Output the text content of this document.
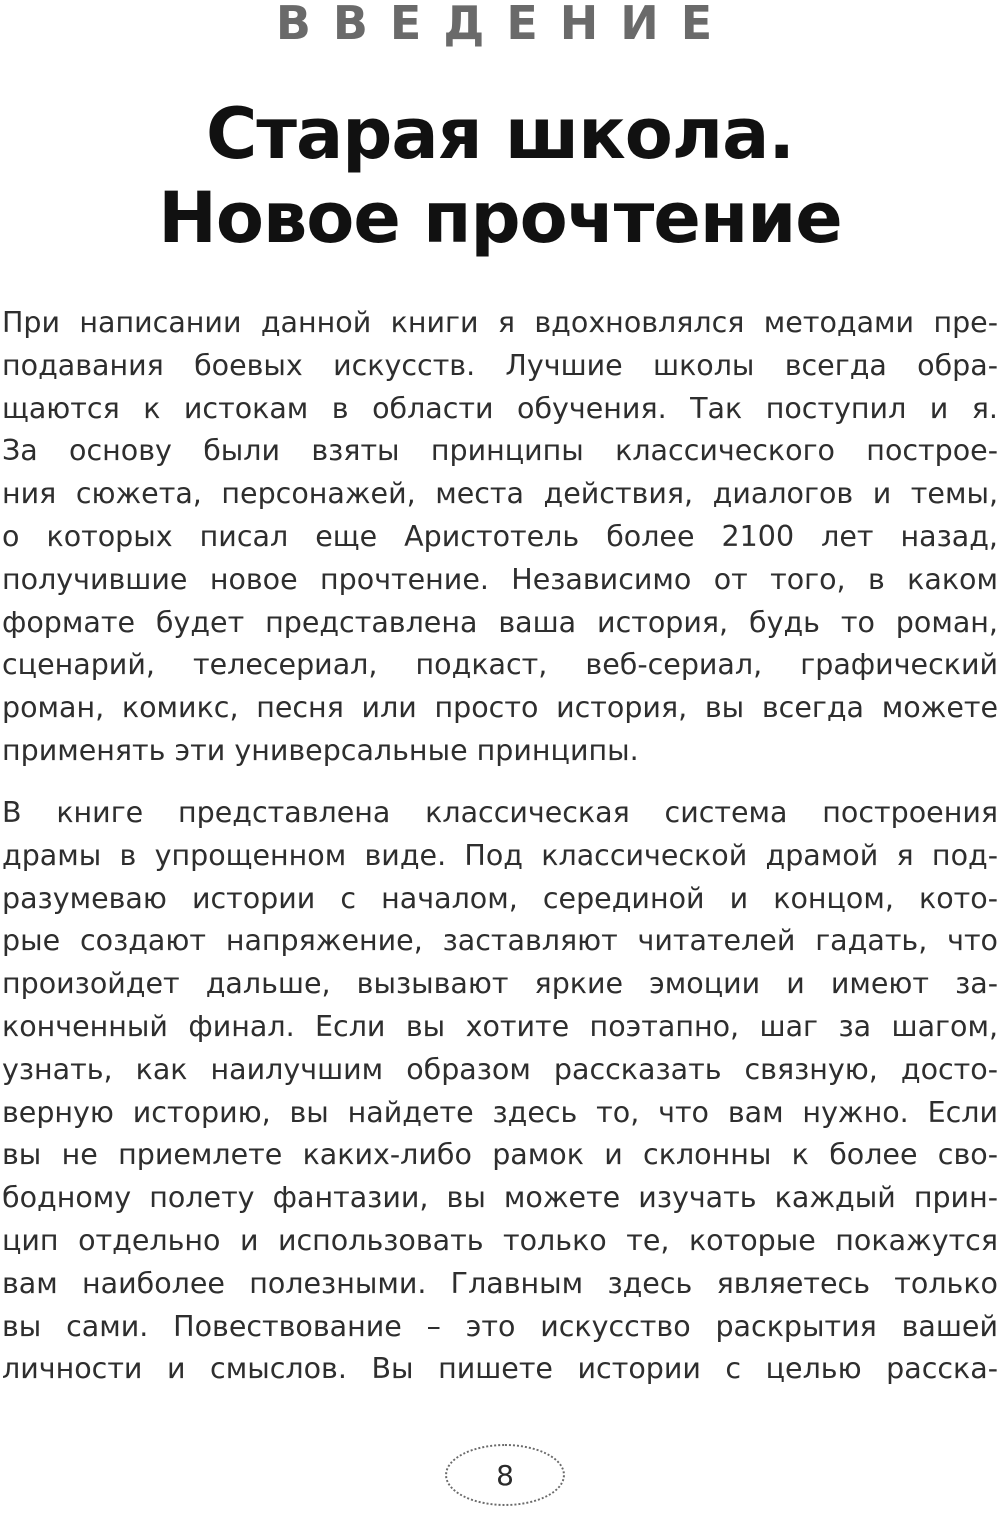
ВВЕДЕНИЕ
Старая школа.
Новое прочтение

При написании данной книги я вдохновлялся методами пре-
подавания боевых искусств. Лучшие школы всегда обра-
щаются к истокам в области обучения. Так поступил и я.
За основу были взяты принципы классического построе-
ния сюжета, персонажей, места действия, диалогов и темы,
о которых писал еще Аристотель более 2100 лет назад,
получившие новое прочтение. Независимо от того, в каком
формате будет представлена ваша история, будь то роман,
сценарий, телесериал, подкаст, веб-сериал, графический
роман, комикс, песня или просто история, вы всегда можете
применять эти универсальные принципы.

В книге представлена классическая система построения
драмы в упрощенном виде. Под классической драмой я под-
разумеваю истории с началом, серединой и концом, кото-
рые создают напряжение, заставляют читателей гадать, что
произойдет дальше, вызывают яркие эмоции и имеют за-
конченный финал. Если вы хотите поэтапно, шаг за шагом,
узнать, как наилучшим образом рассказать связную, досто-
верную историю, вы найдете здесь то, что вам нужно. Если
вы не приемлете каких-либо рамок и склонны к более сво-
бодному полету фантазии, вы можете изучать каждый прин-
цип отдельно и использовать только те, которые покажутся
вам наиболее полезными. Главным здесь являетесь только
вы сами. Повествование – это искусство раскрытия вашей
личности и смыслов. Вы пишете истории с целью расска-

8
